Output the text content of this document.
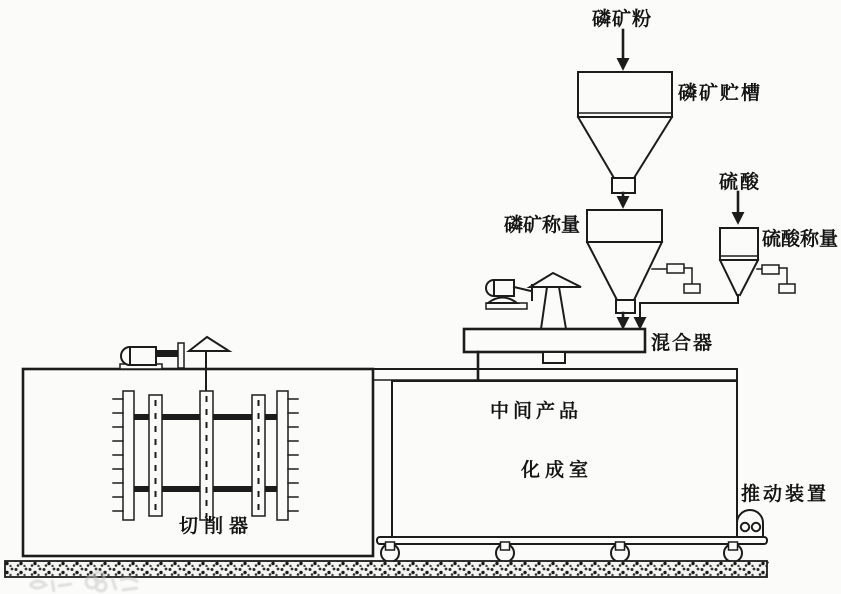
磷矿粉
磷矿贮槽
硫酸
磷矿称量
硫酸称量
混合器
中间产品
化成室
切削器
推动装置
